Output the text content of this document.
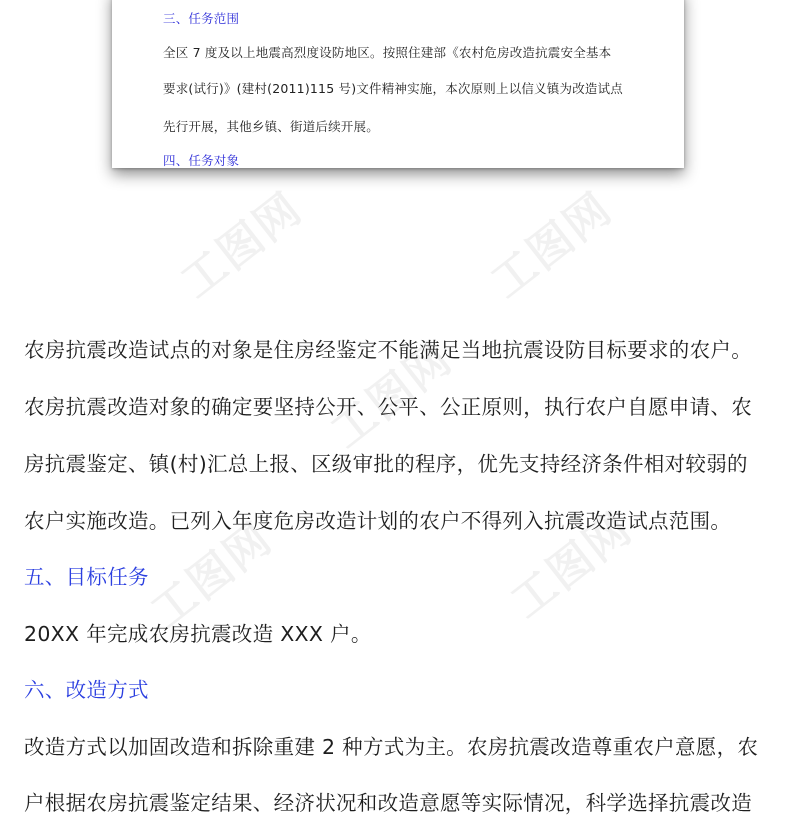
三、任务范围
全区 7 度及以上地震高烈度设防地区。按照住建部《农村危房改造抗震安全基本
要求(试行)》(建村(2011)115 号)文件精神实施，本次原则上以信义镇为改造试点
先行开展，其他乡镇、街道后续开展。
四、任务对象
工图网	工图网
工图网
工图网	工图网
农房抗震改造试点的对象是住房经鉴定不能满足当地抗震设防目标要求的农户。
农房抗震改造对象的确定要坚持公开、公平、公正原则，执行农户自愿申请、农
房抗震鉴定、镇(村)汇总上报、区级审批的程序，优先支持经济条件相对较弱的
农户实施改造。已列入年度危房改造计划的农户不得列入抗震改造试点范围。
五、目标任务
20XX 年完成农房抗震改造 XXX 户。
六、改造方式
改造方式以加固改造和拆除重建 2 种方式为主。农房抗震改造尊重农户意愿，农
户根据农房抗震鉴定结果、经济状况和改造意愿等实际情况，科学选择抗震改造
